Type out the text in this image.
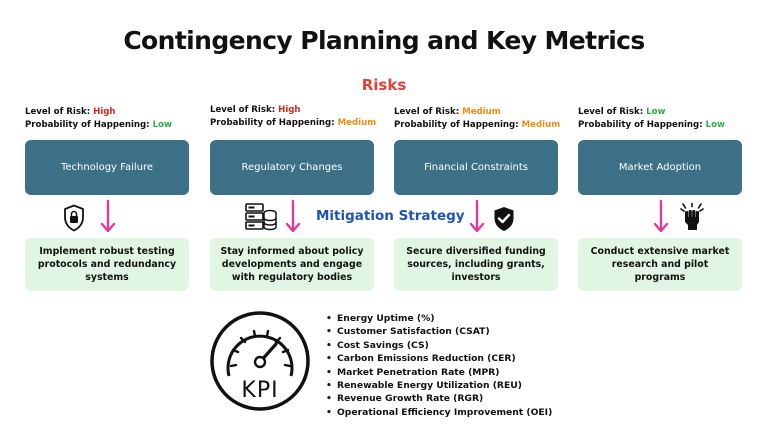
Contingency Planning and Key Metrics
Risks
Level of Risk: High
Probability of Happening: Low
Level of Risk: High
Probability of Happening: Medium
Level of Risk: Medium
Probability of Happening: Medium
Level of Risk: Low
Probability of Happening: Low
Technology Failure	Regulatory Changes	Financial Constraints	Market Adoption
Mitigation Strategy
Implement robust testing protocols and redundancy systems
Stay informed about policy developments and engage with regulatory bodies
Secure diversified funding sources, including grants, investors
Conduct extensive market research and pilot programs
KPI
• Energy Uptime (%)
• Customer Satisfaction (CSAT)
• Cost Savings (CS)
• Carbon Emissions Reduction (CER)
• Market Penetration Rate (MPR)
• Renewable Energy Utilization (REU)
• Revenue Growth Rate (RGR)
• Operational Efficiency Improvement (OEI)
